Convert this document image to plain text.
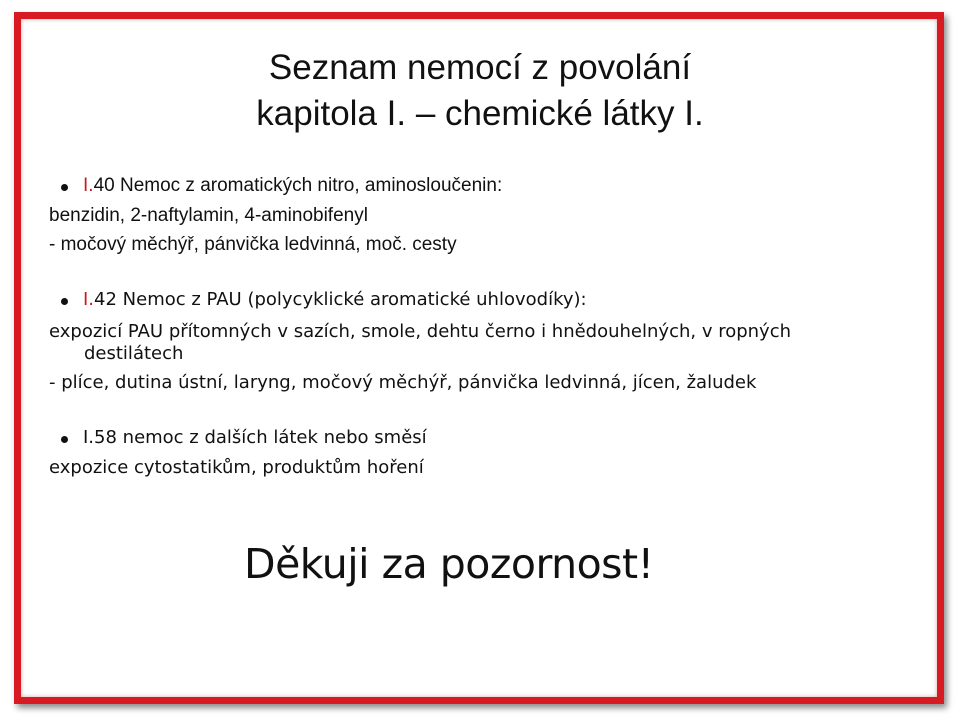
Seznam nemocí z povolání
kapitola I. – chemické látky I.
I.40 Nemoc z aromatických nitro, aminosloučenin:
benzidin, 2-naftylamin, 4-aminobifenyl
- močový měchýř, pánvička ledvinná, moč. cesty
I.42 Nemoc z PAU (polycyklické aromatické uhlovodíky):
expozicí PAU přítomných v sazích, smole, dehtu černo i hnědouhelných, v ropných
destilátech
- plíce, dutina ústní, laryng, močový měchýř, pánvička ledvinná, jícen, žaludek
I.58 nemoc z dalších látek nebo směsí
expozice cytostatikům, produktům hoření
Děkuji za pozornost!
